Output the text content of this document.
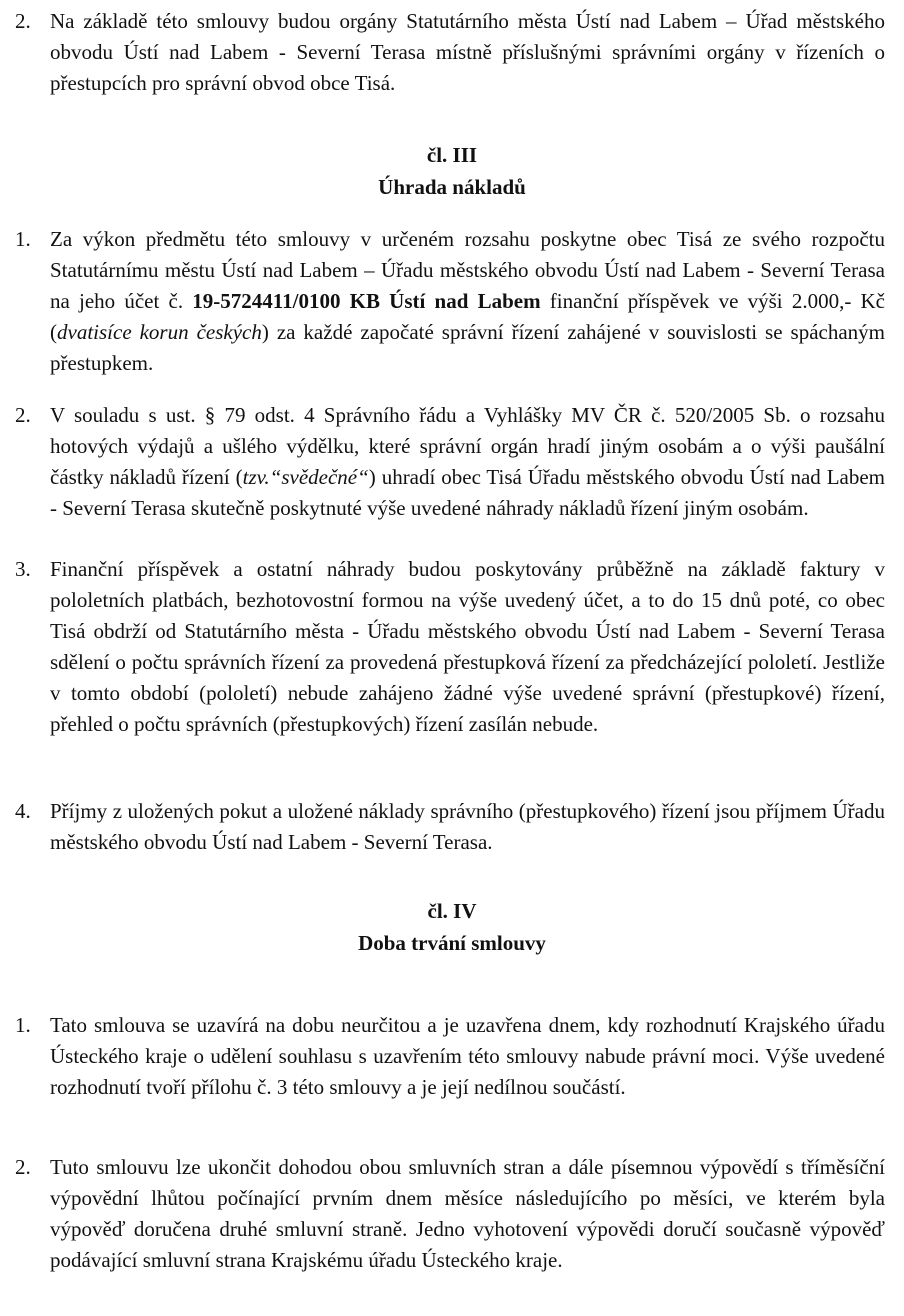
2. Na základě této smlouvy budou orgány Statutárního města Ústí nad Labem – Úřad městského obvodu Ústí nad Labem - Severní Terasa místně příslušnými správními orgány v řízeních o přestupcích pro správní obvod obce Tisá.
čl. III
Úhrada nákladů
1. Za výkon předmětu této smlouvy v určeném rozsahu poskytne obec Tisá ze svého rozpočtu Statutárnímu městu Ústí nad Labem – Úřadu městského obvodu Ústí nad Labem - Severní Terasa na jeho účet č. 19-5724411/0100 KB Ústí nad Labem finanční příspěvek ve výši 2.000,- Kč (dvatisíce korun českých) za každé započaté správní řízení zahájené v souvislosti se spáchaným přestupkem.
2. V souladu s ust. § 79 odst. 4 Správního řádu a Vyhlášky MV ČR č. 520/2005 Sb. o rozsahu hotových výdajů a ušlého výdělku, které správní orgán hradí jiným osobám a o výši paušální částky nákladů řízení (tzv.“svědečné“) uhradí obec Tisá Úřadu městského obvodu Ústí nad Labem - Severní Terasa skutečně poskytnuté výše uvedené náhrady nákladů řízení jiným osobám.
3. Finanční příspěvek a ostatní náhrady budou poskytovány průběžně na základě faktury v pololetních platbách, bezhotovostní formou na výše uvedený účet, a to do 15 dnů poté, co obec Tisá obdrží od Statutárního města - Úřadu městského obvodu Ústí nad Labem - Severní Terasa sdělení o počtu správních řízení za provedená přestupková řízení za předcházející pololetí. Jestliže v tomto období (pololetí) nebude zahájeno žádné výše uvedené správní (přestupkové) řízení, přehled o počtu správních (přestupkových) řízení zasílán nebude.
4. Příjmy z uložených pokut a uložené náklady správního (přestupkového) řízení jsou příjmem Úřadu městského obvodu Ústí nad Labem - Severní Terasa.
čl. IV
Doba trvání smlouvy
1. Tato smlouva se uzavírá na dobu neurčitou a je uzavřena dnem, kdy rozhodnutí Krajského úřadu Ústeckého kraje o udělení souhlasu s uzavřením této smlouvy nabude právní moci. Výše uvedené rozhodnutí tvoří přílohu č. 3 této smlouvy a je její nedílnou součástí.
2. Tuto smlouvu lze ukončit dohodou obou smluvních stran a dále písemnou výpovědí s tříměsíční výpovědní lhůtou počínající prvním dnem měsíce následujícího po měsíci, ve kterém byla výpověď doručena druhé smluvní straně. Jedno vyhotovení výpovědi doručí současně výpověď podávající smluvní strana Krajskému úřadu Ústeckého kraje.
